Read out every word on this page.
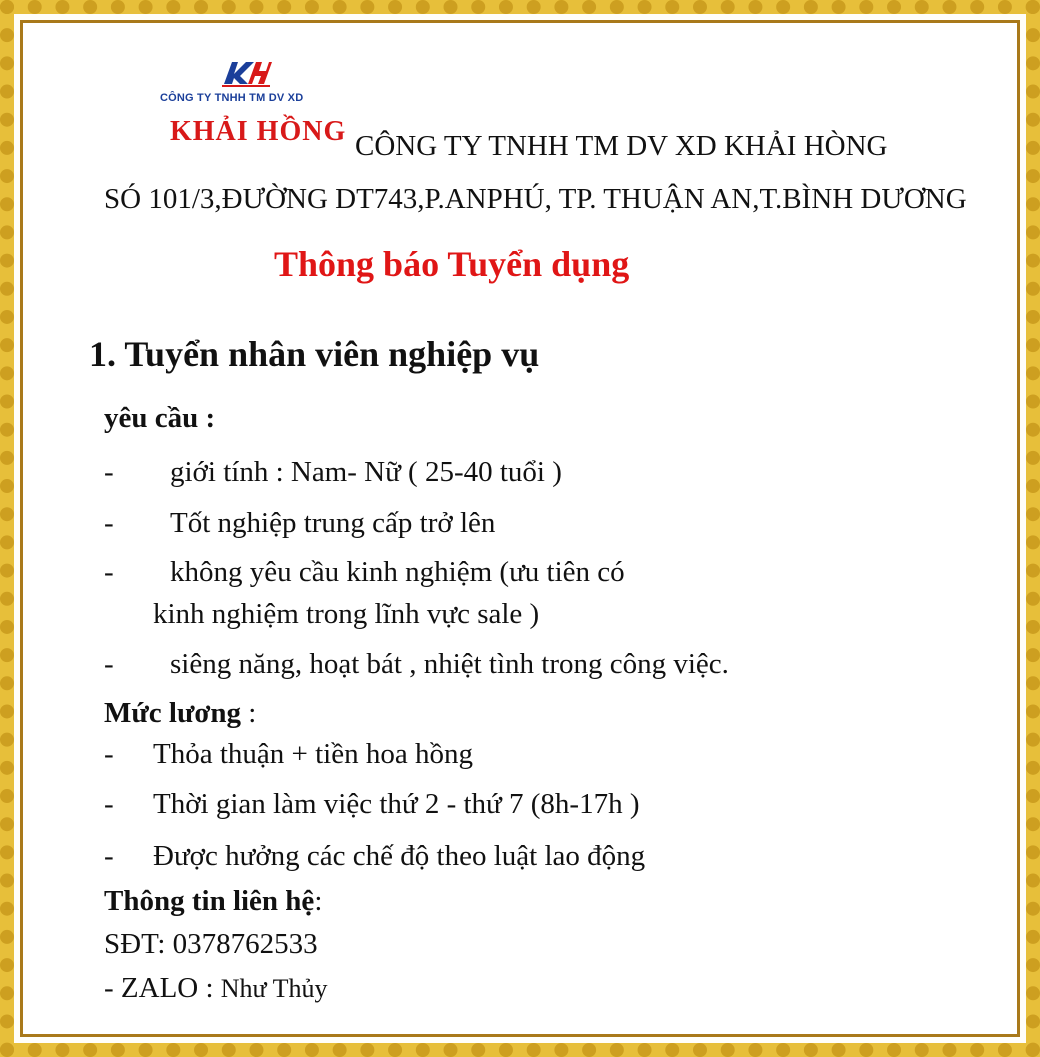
CÔNG TY TNHH TM DV XD
KHẢI HỒNG CÔNG TY TNHH TM DV XD KHẢI HÒNG
SÓ 101/3,ĐƯỜNG DT743,P.ANPHÚ, TP. THUẬN AN,T.BÌNH DƯƠNG
Thông báo Tuyển dụng
1. Tuyển nhân viên nghiệp vụ
yêu cầu :
- giới tính : Nam- Nữ ( 25-40 tuổi )
- Tốt nghiệp trung cấp trở lên
- không yêu cầu kinh nghiệm (ưu tiên có
kinh nghiệm trong lĩnh vực sale )
- siêng năng, hoạt bát , nhiệt tình trong công việc.
Mức lương :
- Thỏa thuận + tiền hoa hồng
- Thời gian làm việc thứ 2 - thứ 7 (8h-17h )
- Được hưởng các chế độ theo luật lao động
Thông tin liên hệ:
SĐT: 0378762533
- ZALO : Như Thủy
